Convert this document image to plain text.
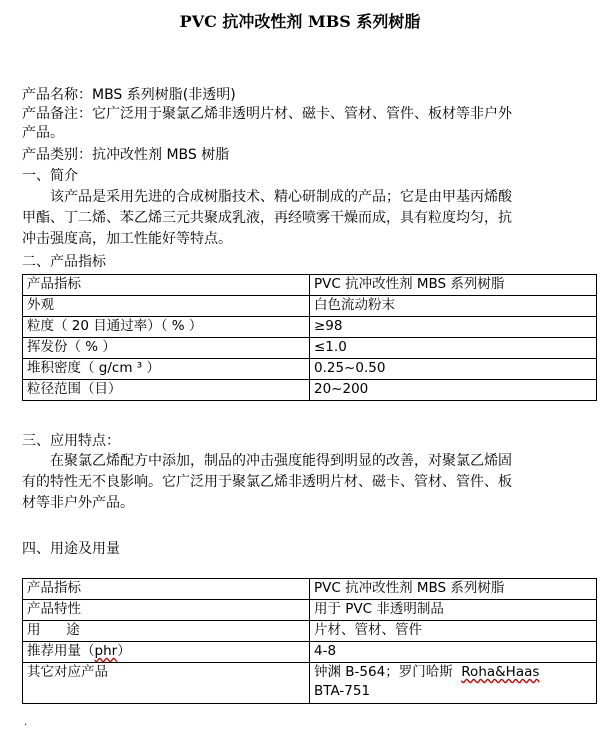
PVC 抗冲改性剂 MBS 系列树脂
产品名称：MBS 系列树脂(非透明)
产品备注：它广泛用于聚氯乙烯非透明片材、磁卡、管材、管件、板材等非户外
产品。
产品类别：抗冲改性剂 MBS 树脂
一、简介
该产品是采用先进的合成树脂技术、精心研制成的产品；它是由甲基丙烯酸
甲酯、丁二烯、苯乙烯三元共聚成乳液，再经喷雾干燥而成，具有粒度均匀，抗
冲击强度高，加工性能好等特点。
二、产品指标
产品指标	PVC 抗冲改性剂 MBS 系列树脂
外观	白色流动粉末
粒度（ 20 目通过率）（ % ）	≥98
挥发份（ % ）	≤1.0
堆积密度（ g/cm ³ ）	0.25~0.50
粒径范围（目）	20~200
三、应用特点：
在聚氯乙烯配方中添加，制品的冲击强度能得到明显的改善，对聚氯乙烯固
有的特性无不良影响。它广泛用于聚氯乙烯非透明片材、磁卡、管材、管件、板
材等非户外产品。
四、用途及用量
产品指标	PVC 抗冲改性剂 MBS 系列树脂
产品特性	用于 PVC 非透明制品
用      途	片材、管材、管件
推荐用量（phr）	4-8
其它对应产品	钟渊 B-564；罗门哈斯  Roha&Haas
BTA-751
·
